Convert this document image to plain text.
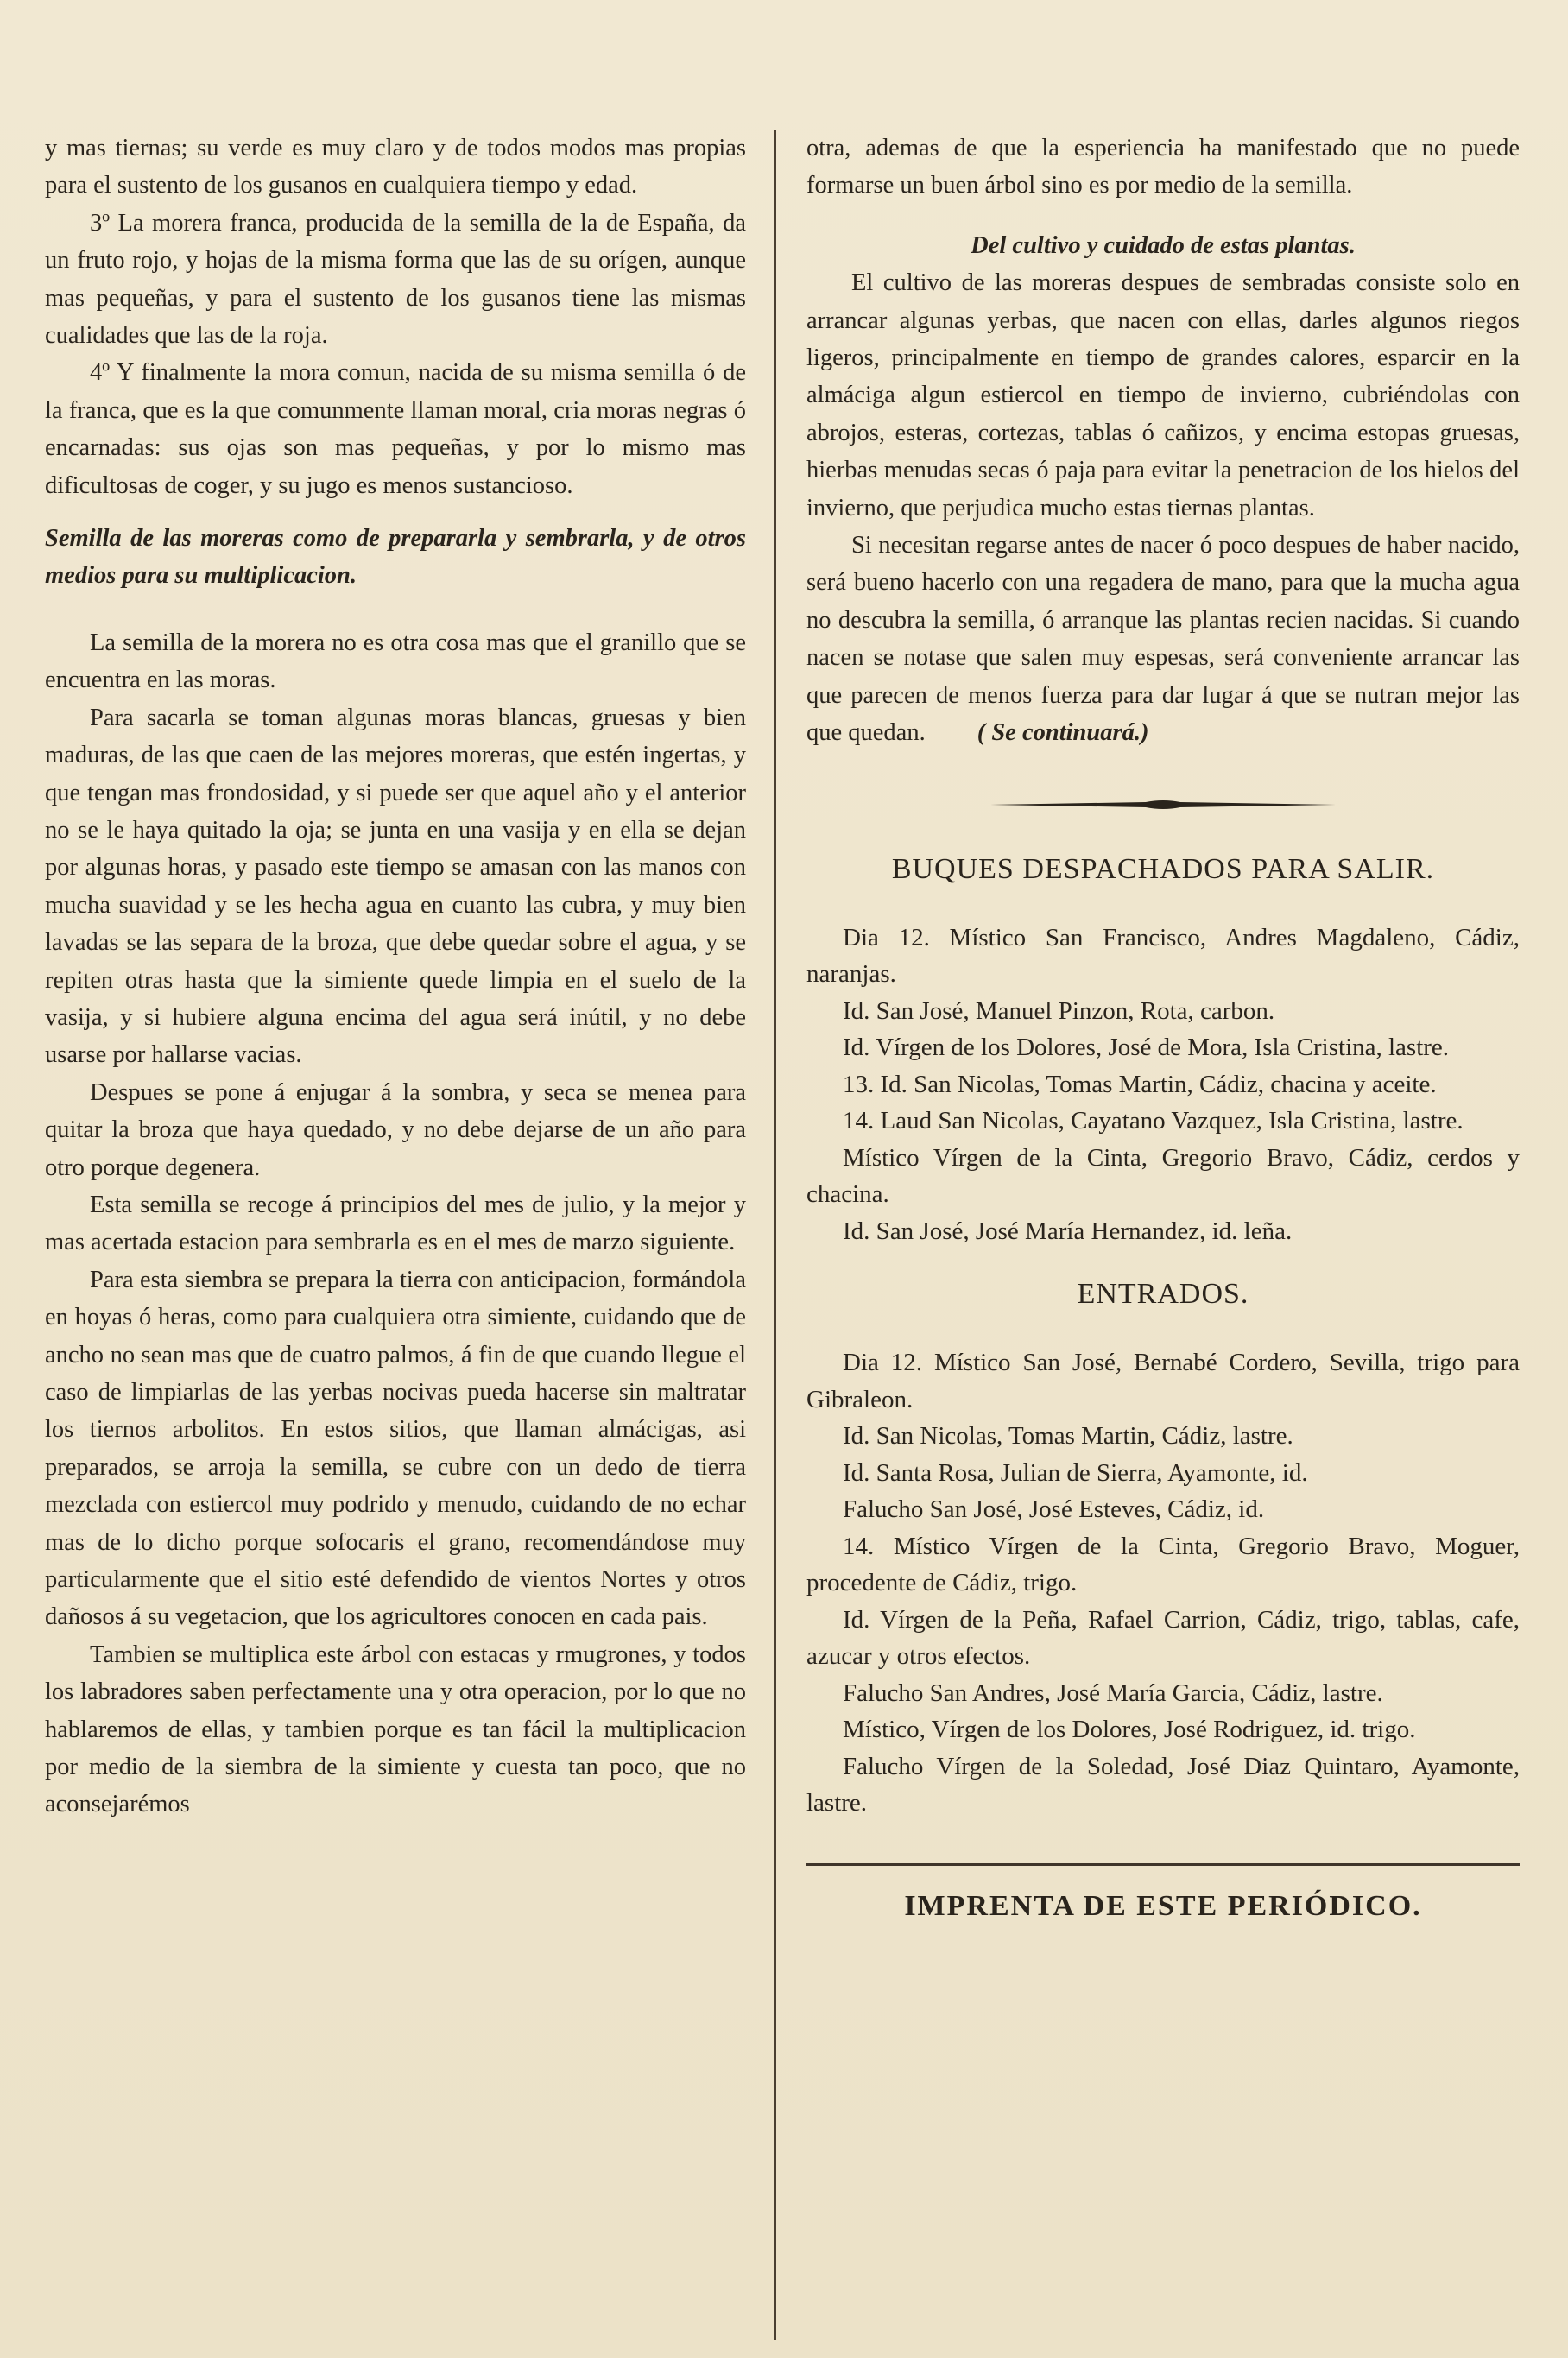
y mas tiernas; su verde es muy claro y de todos modos mas propias para el sustento de los gusanos en cualquiera tiempo y edad.

3º La morera franca, producida de la semilla de la de España, da un fruto rojo, y hojas de la misma forma que las de su orígen, aunque mas pequeñas, y para el sustento de los gusanos tiene las mismas cualidades que las de la roja.

4º Y finalmente la mora comun, nacida de su misma semilla ó de la franca, que es la que comunmente llaman moral, cria moras negras ó encarnadas: sus ojas son mas pequeñas, y por lo mismo mas dificultosas de coger, y su jugo es menos sustancioso.

Semilla de las moreras como de prepararla y sembrarla, y de otros medios para su multiplicacion.

La semilla de la morera no es otra cosa mas que el granillo que se encuentra en las moras.

Para sacarla se toman algunas moras blancas, gruesas y bien maduras, de las que caen de las mejores moreras, que estén ingertas, y que tengan mas frondosidad, y si puede ser que aquel año y el anterior no se le haya quitado la oja; se junta en una vasija y en ella se dejan por algunas horas, y pasado este tiempo se amasan con las manos con mucha suavidad y se les hecha agua en cuanto las cubra, y muy bien lavadas se las separa de la broza, que debe quedar sobre el agua, y se repiten otras hasta que la simiente quede limpia en el suelo de la vasija, y si hubiere alguna encima del agua será inútil, y no debe usarse por hallarse vacias.

Despues se pone á enjugar á la sombra, y seca se menea para quitar la broza que haya quedado, y no debe dejarse de un año para otro porque degenera.

Esta semilla se recoge á principios del mes de julio, y la mejor y mas acertada estacion para sembrarla es en el mes de marzo siguiente.

Para esta siembra se prepara la tierra con anticipacion, formándola en hoyas ó heras, como para cualquiera otra simiente, cuidando que de ancho no sean mas que de cuatro palmos, á fin de que cuando llegue el caso de limpiarlas de las yerbas nocivas pueda hacerse sin maltratar los tiernos arbolitos. En estos sitios, que llaman almácigas, asi preparados, se arroja la semilla, se cubre con un dedo de tierra mezclada con estiercol muy podrido y menudo, cuidando de no echar mas de lo dicho porque sofocaris el grano, recomendándose muy particularmente que el sitio esté defendido de vientos Nortes y otros dañosos á su vegetacion, que los agricultores conocen en cada pais.

Tambien se multiplica este árbol con estacas y rmugrones, y todos los labradores saben perfectamente una y otra operacion, por lo que no hablaremos de ellas, y tambien porque es tan fácil la multiplicacion por medio de la siembra de la simiente y cuesta tan poco, que no aconsejarémos

otra, ademas de que la esperiencia ha manifestado que no puede formarse un buen árbol sino es por medio de la semilla.

Del cultivo y cuidado de estas plantas.

El cultivo de las moreras despues de sembradas consiste solo en arrancar algunas yerbas, que nacen con ellas, darles algunos riegos ligeros, principalmente en tiempo de grandes calores, esparcir en la almáciga algun estiercol en tiempo de invierno, cubriéndolas con abrojos, esteras, cortezas, tablas ó cañizos, y encima estopas gruesas, hierbas menudas secas ó paja para evitar la penetracion de los hielos del invierno, que perjudica mucho estas tiernas plantas.

Si necesitan regarse antes de nacer ó poco despues de haber nacido, será bueno hacerlo con una regadera de mano, para que la mucha agua no descubra la semilla, ó arranque las plantas recien nacidas. Si cuando nacen se notase que salen muy espesas, será conveniente arrancar las que parecen de menos fuerza para dar lugar á que se nutran mejor las que quedan. ( Se continuará.)

BUQUES DESPACHADOS PARA SALIR.

Dia 12. Místico San Francisco, Andres Magdaleno, Cádiz, naranjas.

Id. San José, Manuel Pinzon, Rota, carbon.

Id. Vírgen de los Dolores, José de Mora, Isla Cristina, lastre.

13. Id. San Nicolas, Tomas Martin, Cádiz, chacina y aceite.

14. Laud San Nicolas, Cayatano Vazquez, Isla Cristina, lastre.

Místico Vírgen de la Cinta, Gregorio Bravo, Cádiz, cerdos y chacina.

Id. San José, José María Hernandez, id. leña.

ENTRADOS.

Dia 12. Místico San José, Bernabé Cordero, Sevilla, trigo para Gibraleon.

Id. San Nicolas, Tomas Martin, Cádiz, lastre.

Id. Santa Rosa, Julian de Sierra, Ayamonte, id.

Falucho San José, José Esteves, Cádiz, id.

14. Místico Vírgen de la Cinta, Gregorio Bravo, Moguer, procedente de Cádiz, trigo.

Id. Vírgen de la Peña, Rafael Carrion, Cádiz, trigo, tablas, cafe, azucar y otros efectos.

Falucho San Andres, José María Garcia, Cádiz, lastre.

Místico, Vírgen de los Dolores, José Rodriguez, id. trigo.

Falucho Vírgen de la Soledad, José Diaz Quintaro, Ayamonte, lastre.

IMPRENTA DE ESTE PERIÓDICO.
